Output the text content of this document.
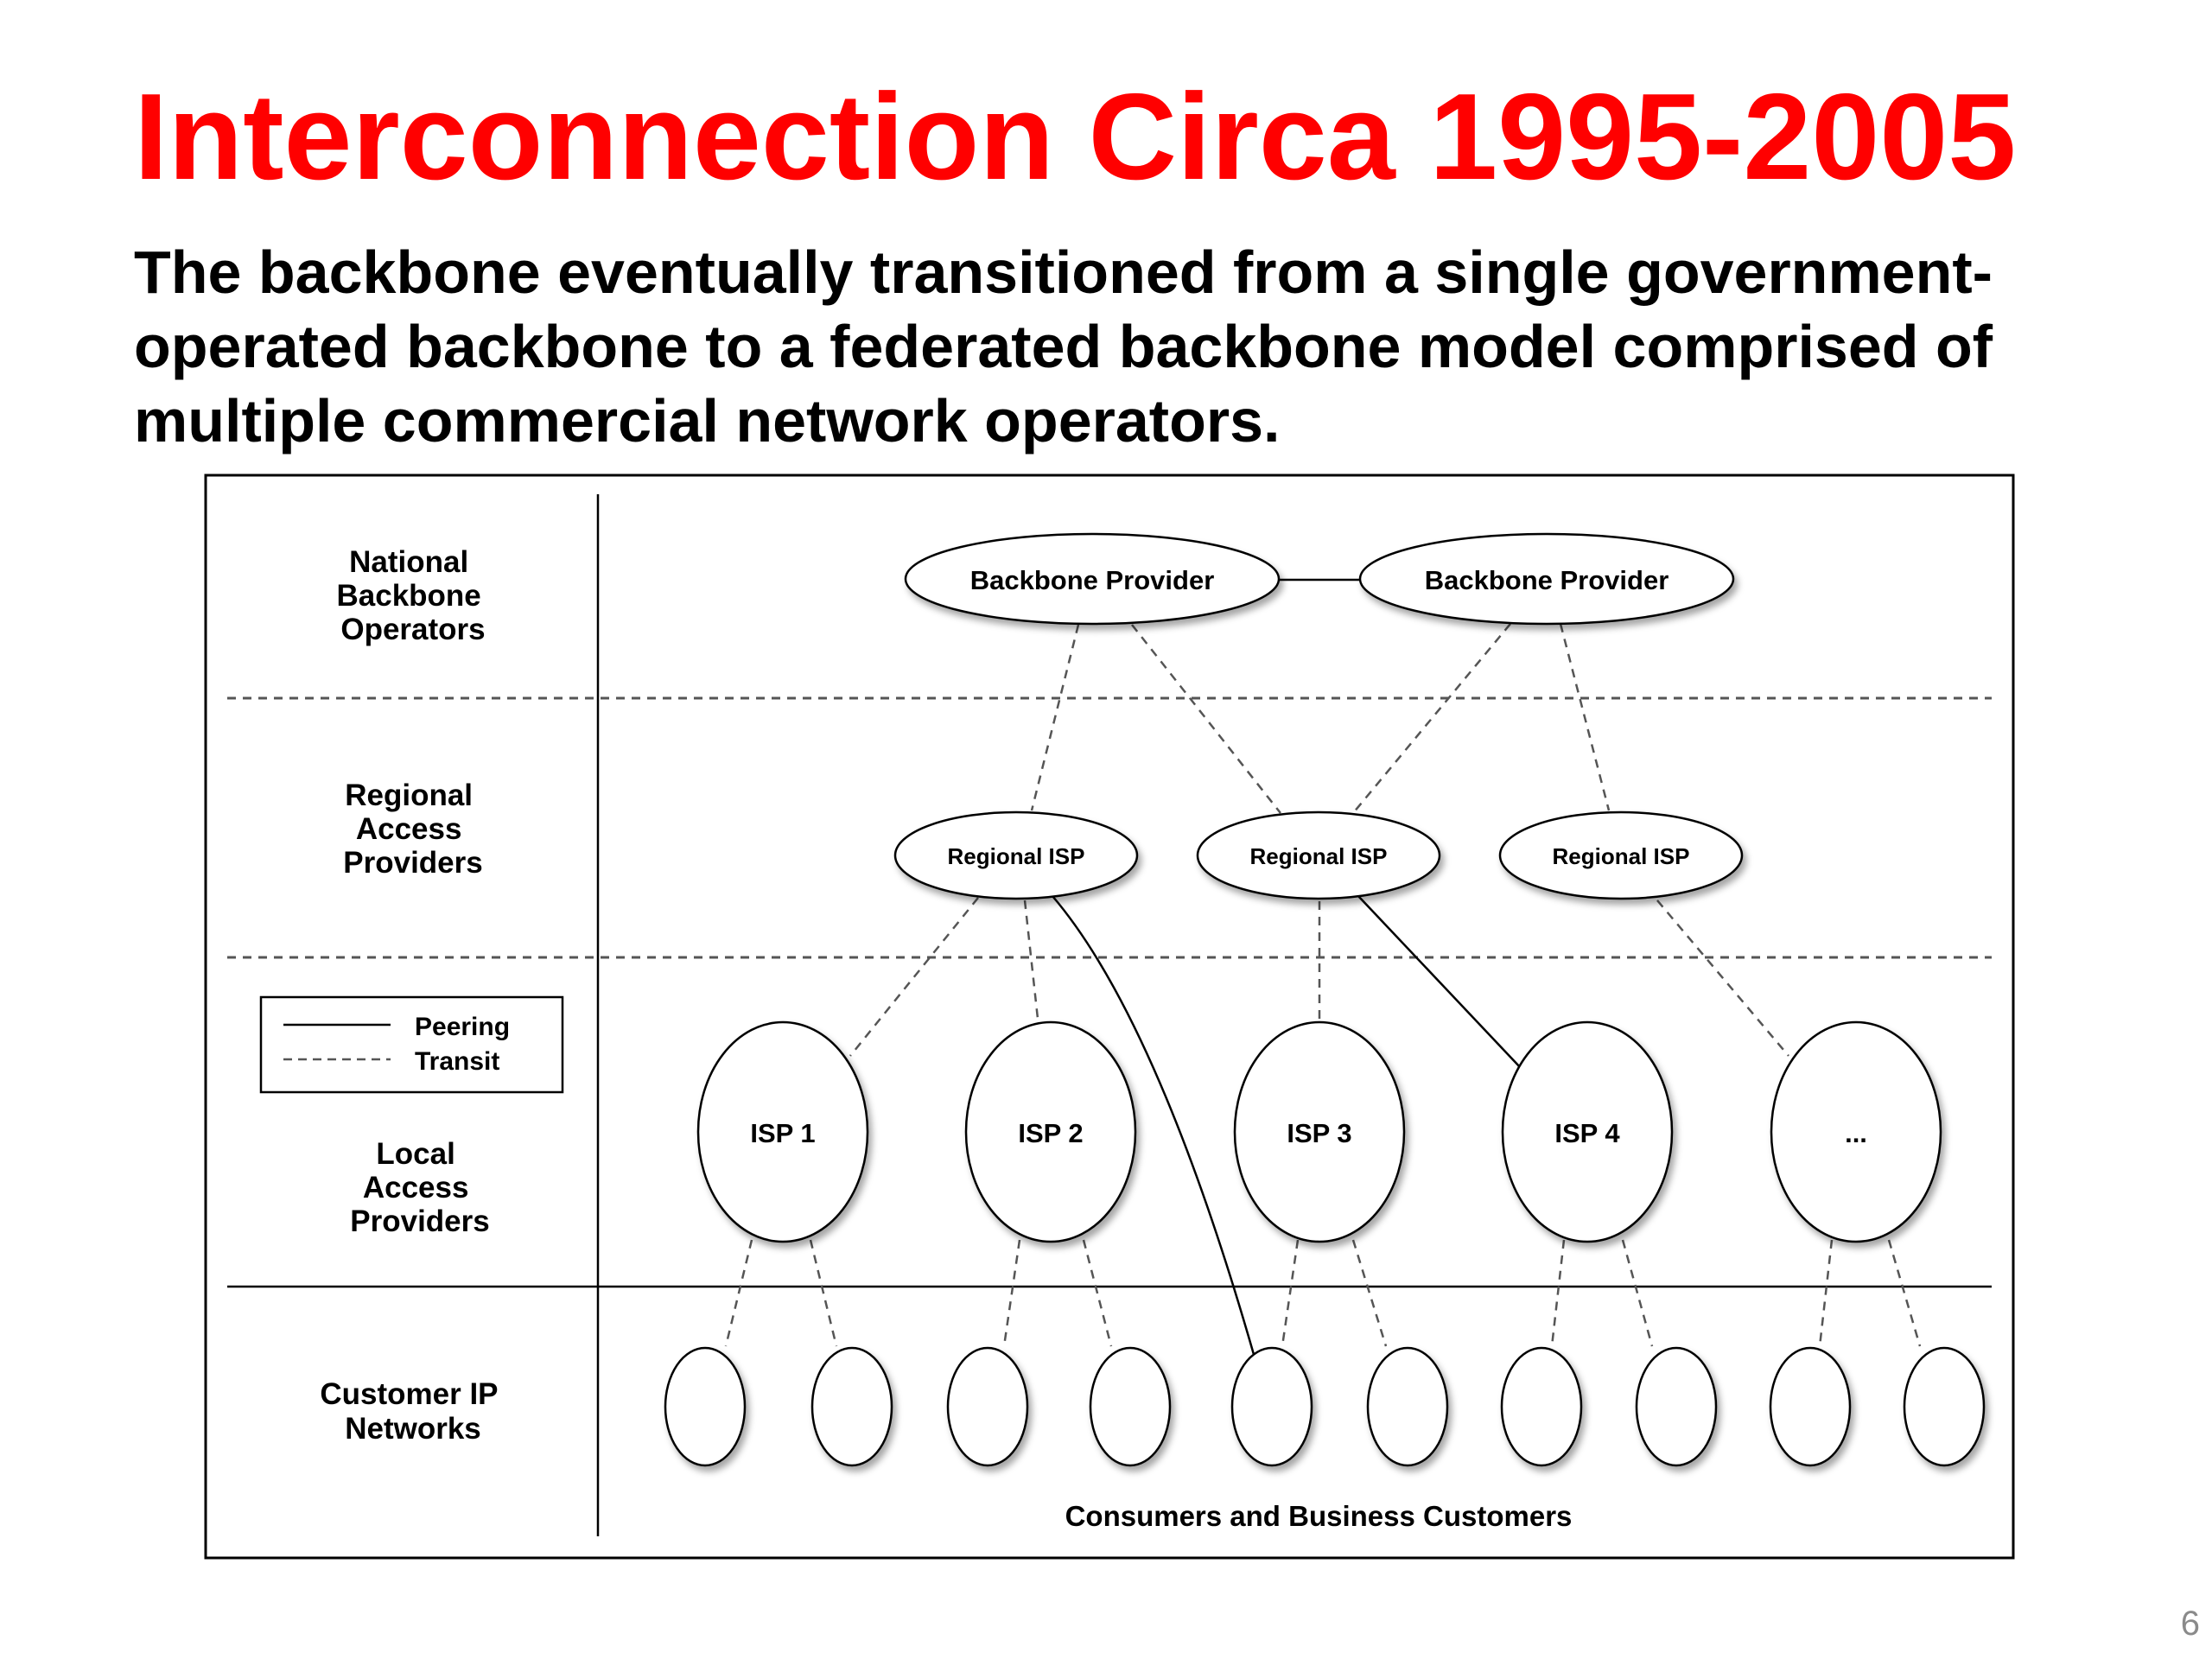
Interconnection Circa 1995-2005

The backbone eventually transitioned from a single government-operated backbone to a federated backbone model comprised of multiple commercial network operators.

National Backbone Operators
Regional Access Providers
Local Access Providers
Customer IP Networks
Peering
Transit
Backbone Provider	Backbone Provider
Regional ISP	Regional ISP	Regional ISP
ISP 1	ISP 2	ISP 3	ISP 4	...
Consumers and Business Customers
6
